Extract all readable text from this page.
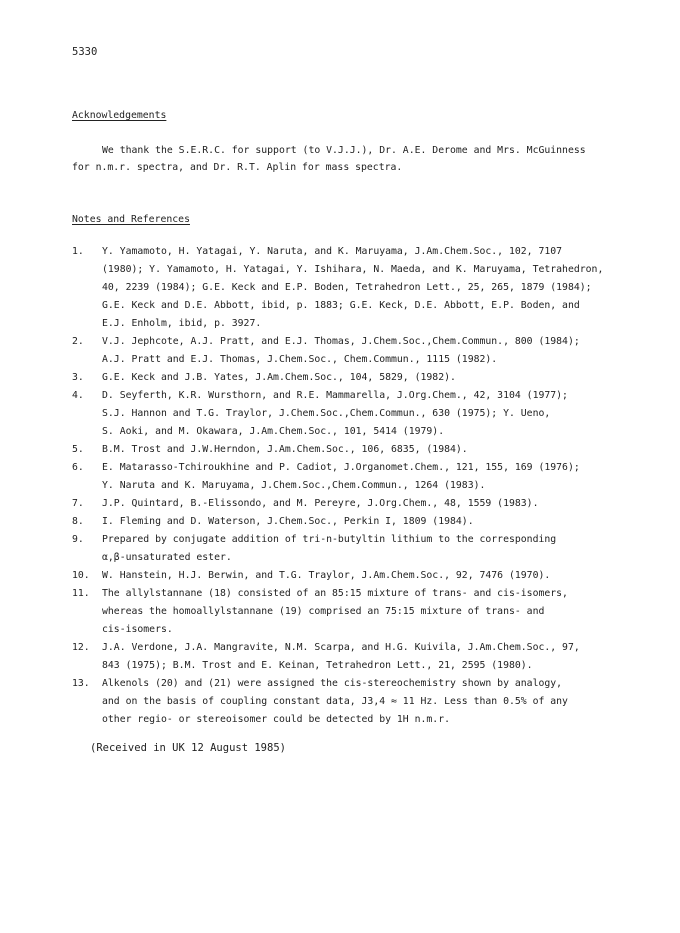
5330
Acknowledgements
We thank the S.E.R.C. for support (to V.J.J.), Dr. A.E. Derome and Mrs. McGuinness
for n.m.r. spectra, and Dr. R.T. Aplin for mass spectra.
Notes and References
1.	Y. Yamamoto, H. Yatagai, Y. Naruta, and K. Maruyama, J.Am.Chem.Soc., 102, 7107
(1980); Y. Yamamoto, H. Yatagai, Y. Ishihara, N. Maeda, and K. Maruyama, Tetrahedron,
40, 2239 (1984); G.E. Keck and E.P. Boden, Tetrahedron Lett., 25, 265, 1879 (1984);
G.E. Keck and D.E. Abbott, ibid, p. 1883; G.E. Keck, D.E. Abbott, E.P. Boden, and
E.J. Enholm, ibid, p. 3927.
2.	V.J. Jephcote, A.J. Pratt, and E.J. Thomas, J.Chem.Soc.,Chem.Commun., 800 (1984);
A.J. Pratt and E.J. Thomas, J.Chem.Soc., Chem.Commun., 1115 (1982).
3.	G.E. Keck and J.B. Yates, J.Am.Chem.Soc., 104, 5829, (1982).
4.	D. Seyferth, K.R. Wursthorn, and R.E. Mammarella, J.Org.Chem., 42, 3104 (1977);
S.J. Hannon and T.G. Traylor, J.Chem.Soc.,Chem.Commun., 630 (1975); Y. Ueno,
S. Aoki, and M. Okawara, J.Am.Chem.Soc., 101, 5414 (1979).
5.	B.M. Trost and J.W.Herndon, J.Am.Chem.Soc., 106, 6835, (1984).
6.	E. Matarasso-Tchiroukhine and P. Cadiot, J.Organomet.Chem., 121, 155, 169 (1976);
Y. Naruta and K. Maruyama, J.Chem.Soc.,Chem.Commun., 1264 (1983).
7.	J.P. Quintard, B.-Elissondo, and M. Pereyre, J.Org.Chem., 48, 1559 (1983).
8.	I. Fleming and D. Waterson, J.Chem.Soc., Perkin I, 1809 (1984).
9.	Prepared by conjugate addition of tri-n-butyltin lithium to the corresponding
α,β-unsaturated ester.
10.	W. Hanstein, H.J. Berwin, and T.G. Traylor, J.Am.Chem.Soc., 92, 7476 (1970).
11.	The allylstannane (18) consisted of an 85:15 mixture of trans- and cis-isomers,
whereas the homoallylstannane (19) comprised an 75:15 mixture of trans- and
cis-isomers.
12.	J.A. Verdone, J.A. Mangravite, N.M. Scarpa, and H.G. Kuivila, J.Am.Chem.Soc., 97,
843 (1975); B.M. Trost and E. Keinan, Tetrahedron Lett., 21, 2595 (1980).
13.	Alkenols (20) and (21) were assigned the cis-stereochemistry shown by analogy,
and on the basis of coupling constant data, J3,4 ≈ 11 Hz. Less than 0.5% of any
other regio- or stereoisomer could be detected by 1H n.m.r.
(Received in UK 12 August 1985)
